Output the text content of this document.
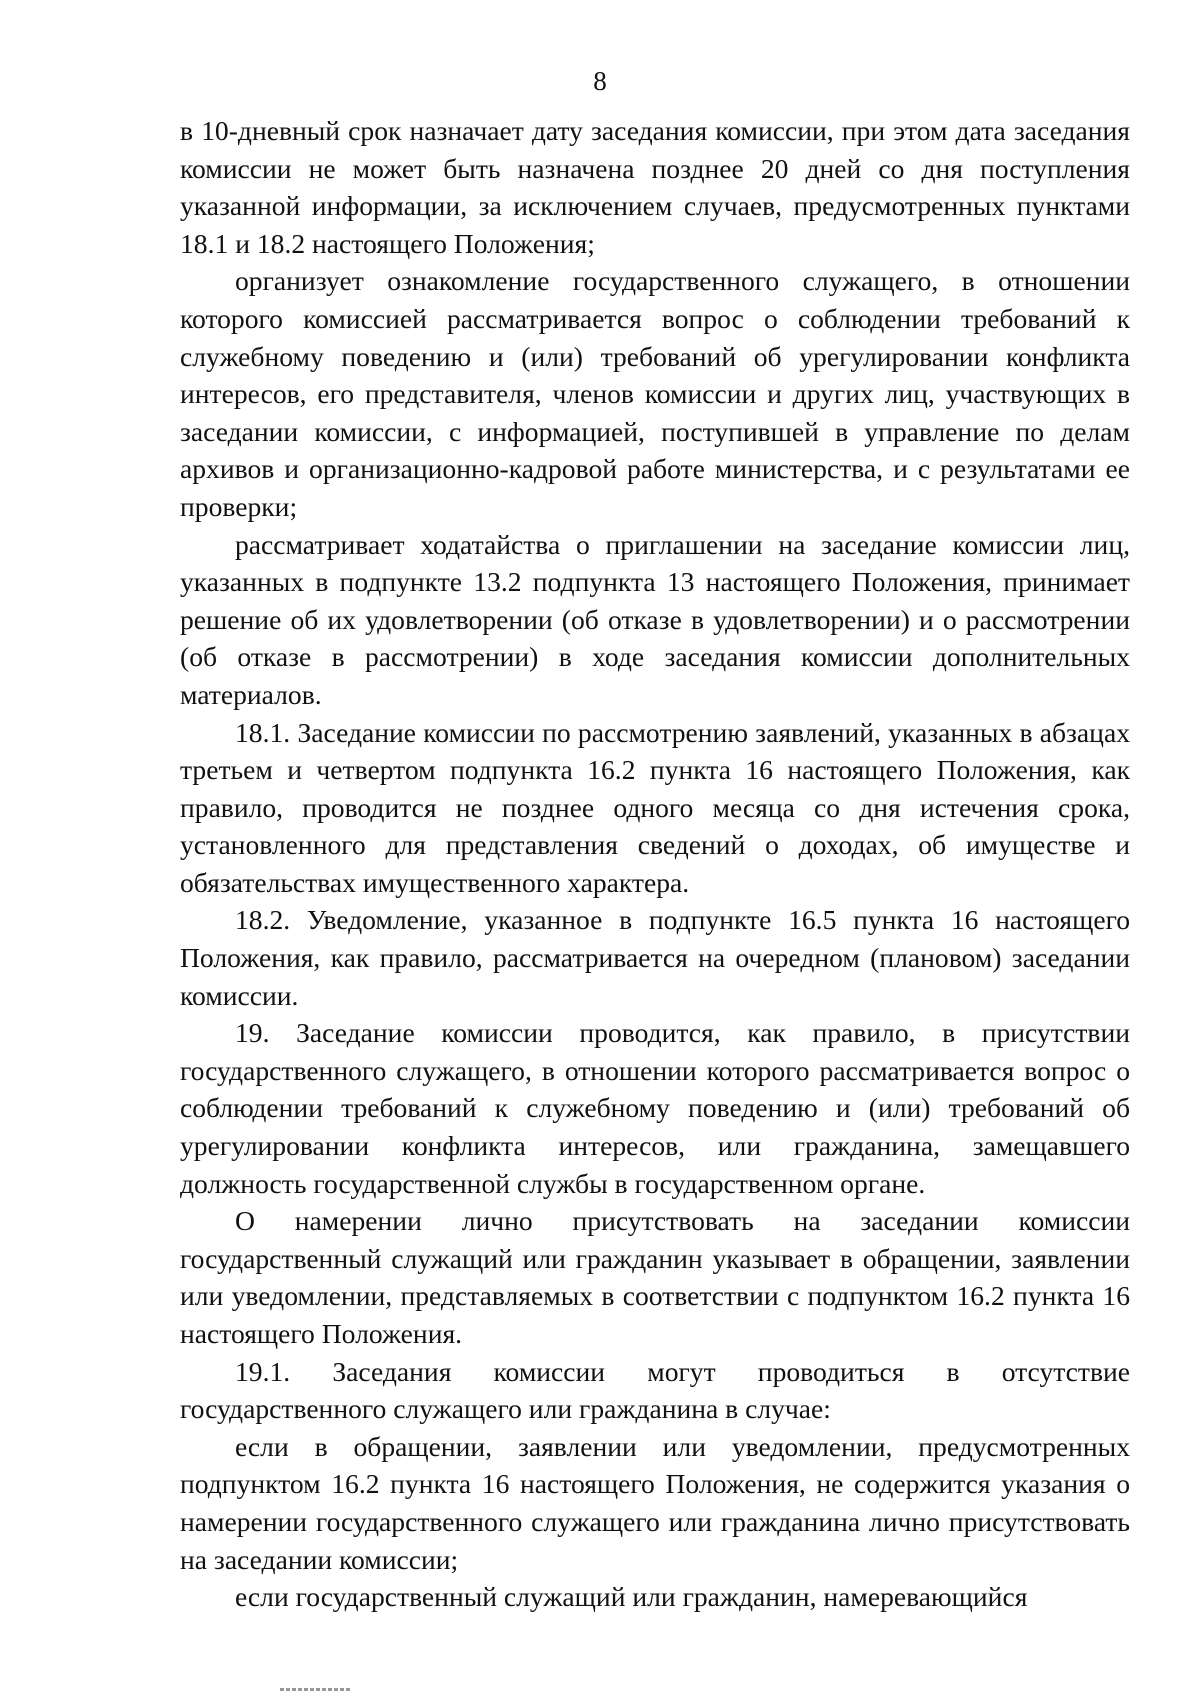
8

в 10-дневный срок назначает дату заседания комиссии, при этом дата заседания комиссии не может быть назначена позднее 20 дней со дня поступления указанной информации, за исключением случаев, предусмотренных пунктами 18.1 и 18.2 настоящего Положения;

организует ознакомление государственного служащего, в отношении которого комиссией рассматривается вопрос о соблюдении требований к служебному поведению и (или) требований об урегулировании конфликта интересов, его представителя, членов комиссии и других лиц, участвующих в заседании комиссии, с информацией, поступившей в управление по делам архивов и организационно-кадровой работе министерства, и с результатами ее проверки;

рассматривает ходатайства о приглашении на заседание комиссии лиц, указанных в подпункте 13.2 подпункта 13 настоящего Положения, принимает решение об их удовлетворении (об отказе в удовлетворении) и о рассмотрении (об отказе в рассмотрении) в ходе заседания комиссии дополнительных материалов.

18.1. Заседание комиссии по рассмотрению заявлений, указанных в абзацах третьем и четвертом подпункта 16.2 пункта 16 настоящего Положения, как правило, проводится не позднее одного месяца со дня истечения срока, установленного для представления сведений о доходах, об имуществе и обязательствах имущественного характера.

18.2. Уведомление, указанное в подпункте 16.5 пункта 16 настоящего Положения, как правило, рассматривается на очередном (плановом) заседании комиссии.

19. Заседание комиссии проводится, как правило, в присутствии государственного служащего, в отношении которого рассматривается вопрос о соблюдении требований к служебному поведению и (или) требований об урегулировании конфликта интересов, или гражданина, замещавшего должность государственной службы в государственном органе.

О намерении лично присутствовать на заседании комиссии государственный служащий или гражданин указывает в обращении, заявлении или уведомлении, представляемых в соответствии с подпунктом 16.2 пункта 16 настоящего Положения.

19.1. Заседания комиссии могут проводиться в отсутствие государственного служащего или гражданина в случае:

если в обращении, заявлении или уведомлении, предусмотренных подпунктом 16.2 пункта 16 настоящего Положения, не содержится указания о намерении государственного служащего или гражданина лично присутствовать на заседании комиссии;

если государственный служащий или гражданин, намеревающийся
